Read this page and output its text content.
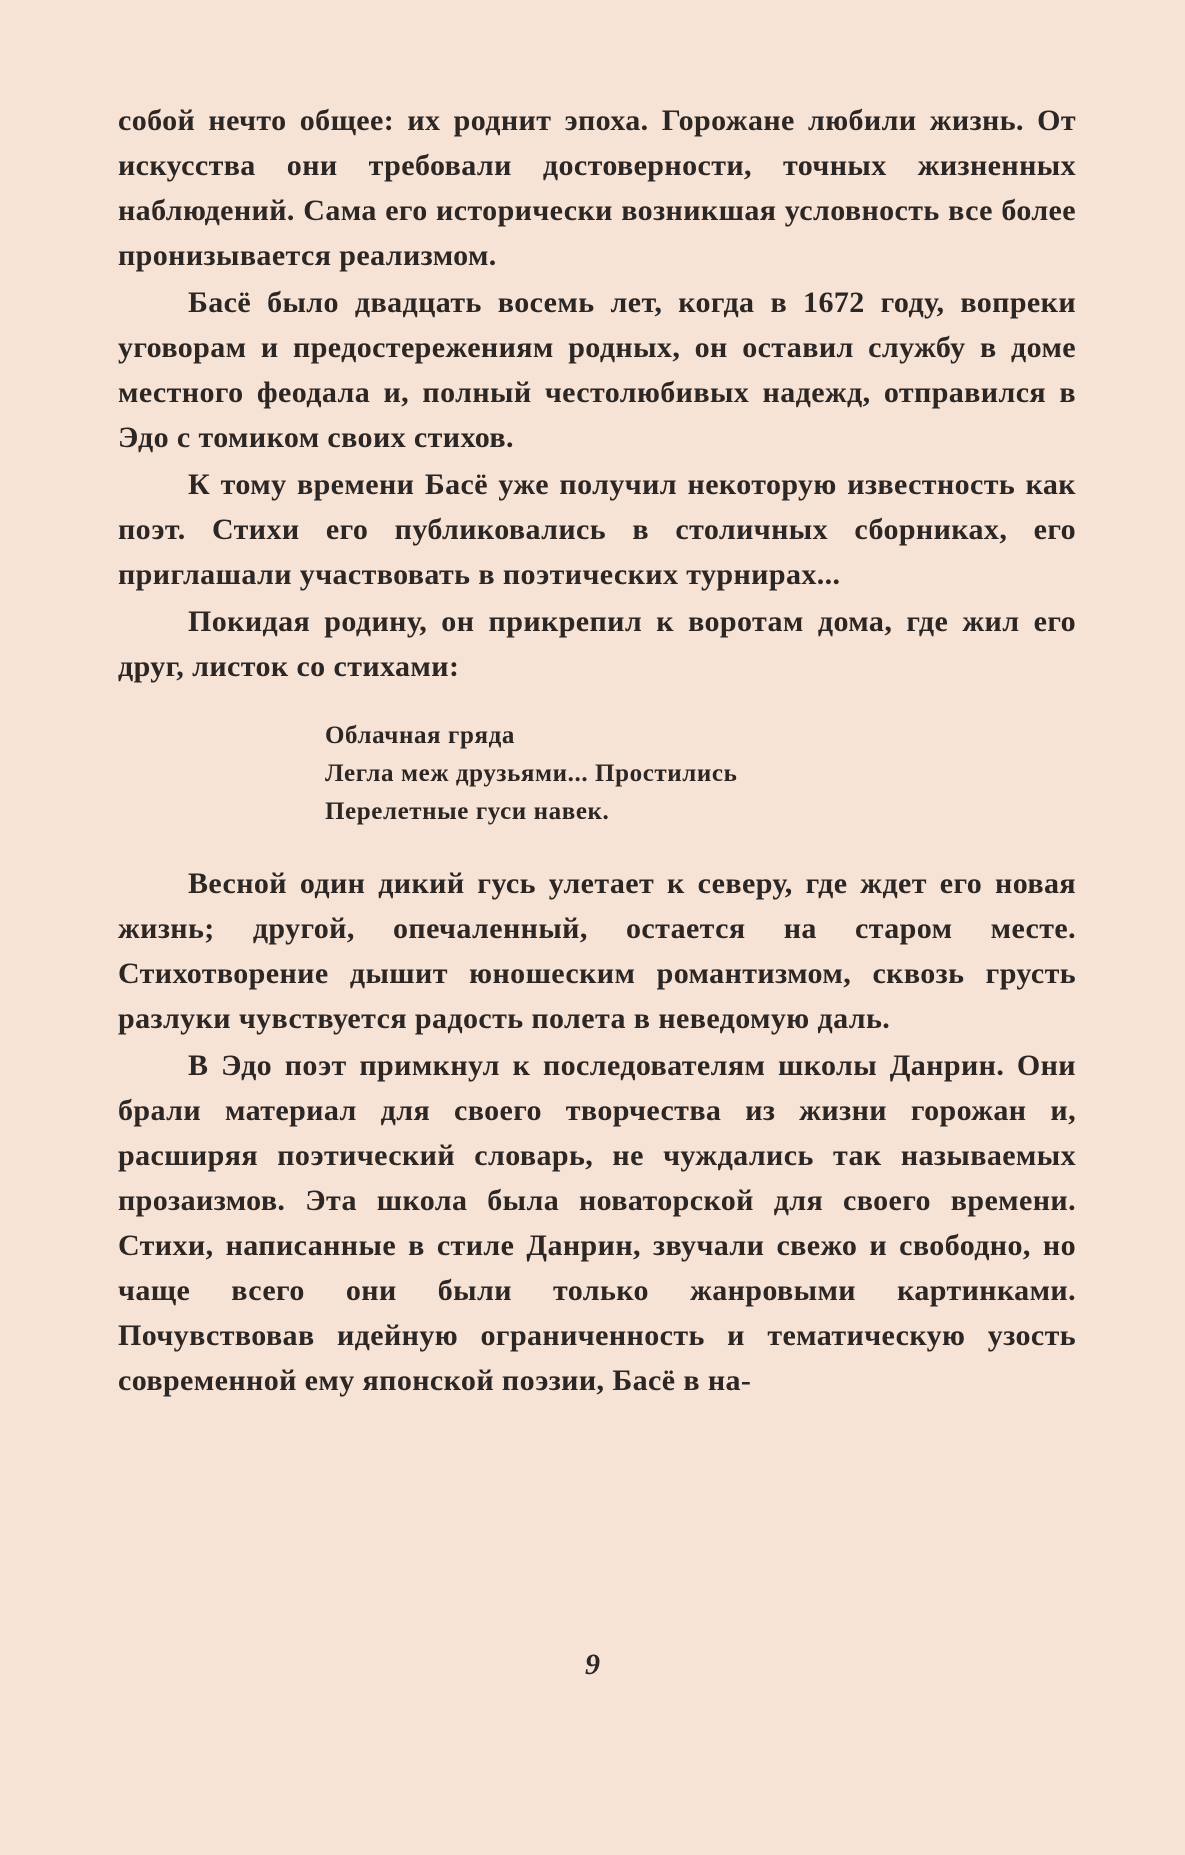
собой нечто общее: их роднит эпоха. Горожане любили жизнь. От искусства они требовали достоверности, точных жизненных наблюдений. Сама его исторически возникшая условность все более пронизывается реализмом.

Басё было двадцать восемь лет, когда в 1672 году, вопреки уговорам и предостережениям родных, он оставил службу в доме местного феодала и, полный честолюбивых надежд, отправился в Эдо с томиком своих стихов.

К тому времени Басё уже получил некоторую известность как поэт. Стихи его публиковались в столичных сборниках, его приглашали участвовать в поэтических турнирах...

Покидая родину, он прикрепил к воротам дома, где жил его друг, листок со стихами:

Облачная гряда
Легла меж друзьями... Простились
Перелетные гуси навек.

Весной один дикий гусь улетает к северу, где ждет его новая жизнь; другой, опечаленный, остается на старом месте. Стихотворение дышит юношеским романтизмом, сквозь грусть разлуки чувствуется радость полета в неведомую даль.

В Эдо поэт примкнул к последователям школы Данрин. Они брали материал для своего творчества из жизни горожан и, расширяя поэтический словарь, не чуждались так называемых прозаизмов. Эта школа была новаторской для своего времени. Стихи, написанные в стиле Данрин, звучали свежо и свободно, но чаще всего они были только жанровыми картинками. Почувствовав идейную ограниченность и тематическую узость современной ему японской поэзии, Басё в на-

9
